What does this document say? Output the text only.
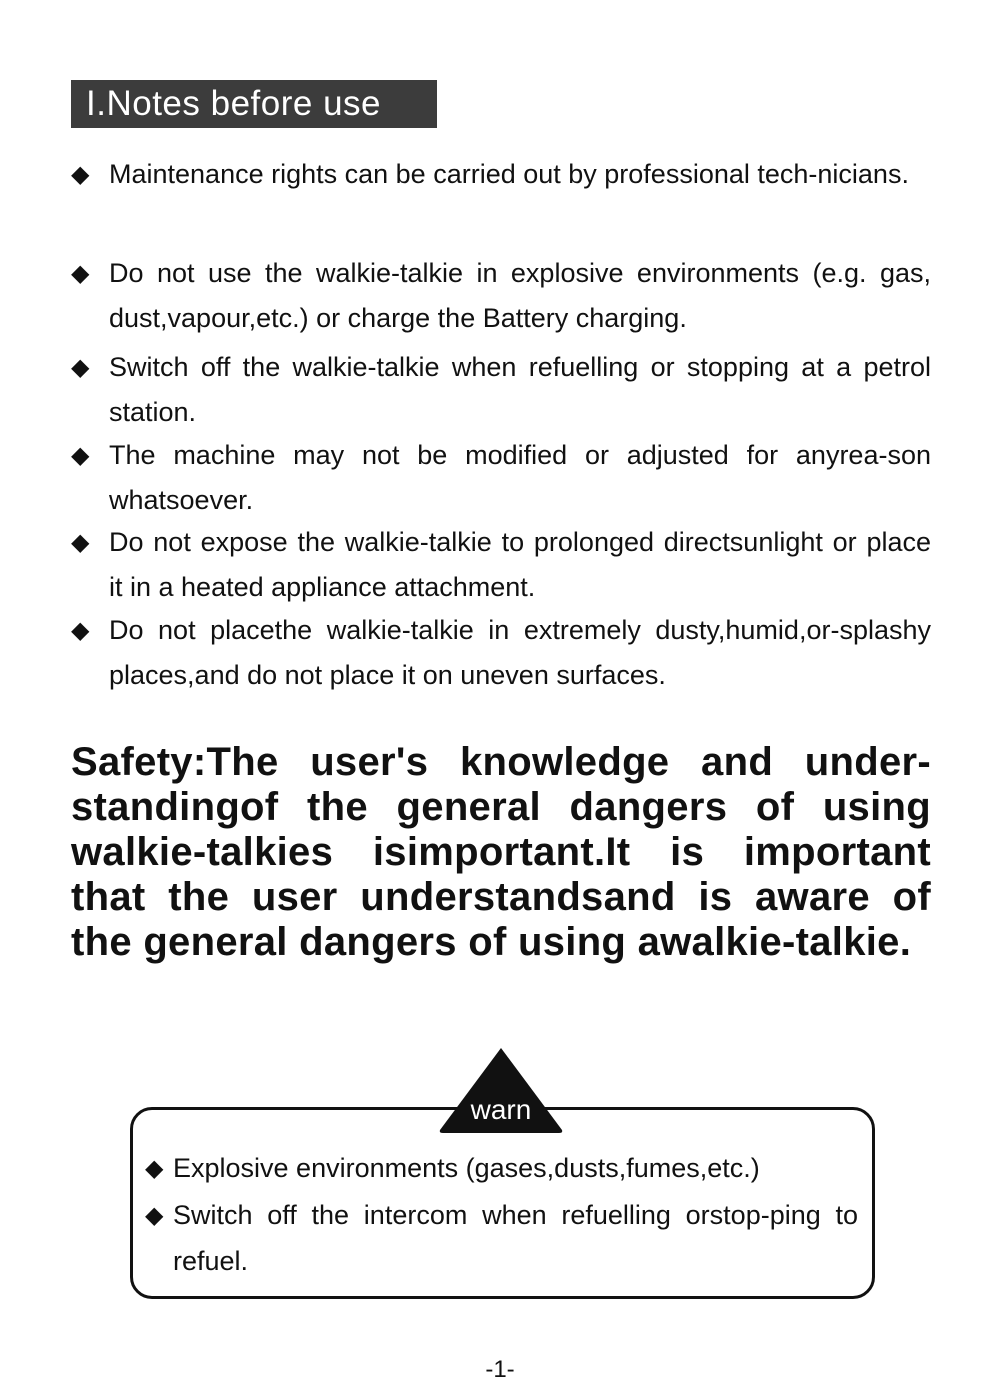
I.Notes before use
◆ Maintenance rights can be carried out by professional tech-nicians.
◆ Do not use the walkie-talkie in explosive environments (e.g. gas, dust,vapour,etc.) or charge the Battery charging.
◆ Switch off the walkie-talkie when refuelling or stopping at a petrol station.
◆ The machine may not be modified or adjusted for anyrea-son whatsoever.
◆ Do not expose the walkie-talkie to prolonged directsunlight or place it in a heated appliance attachment.
◆ Do not placethe walkie-talkie in extremely dusty,humid,or-splashy places,and do not place it on uneven surfaces.

Safety:The user's knowledge and under-standingof the general dangers of using walkie-talkies isimportant.It is important that the user understandsand is aware of the general dangers of using awalkie-talkie.

warn
◆ Explosive environments (gases,dusts,fumes,etc.)
◆ Switch off the intercom when refuelling orstop-ping to refuel.
-1-
